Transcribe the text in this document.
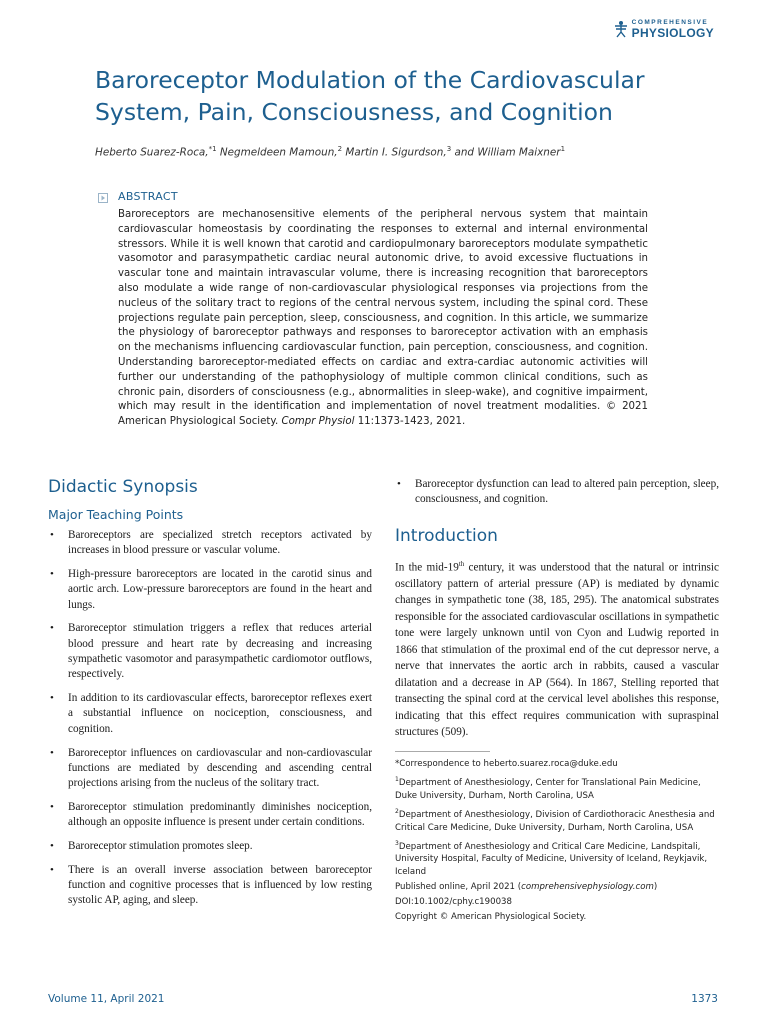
COMPREHENSIVE
PHYSIOLOGY
Baroreceptor Modulation of the Cardiovascular System, Pain, Consciousness, and Cognition
Heberto Suarez-Roca,$^{*1}$ Negmeldeen Mamoun,$^2$ Martin I. Sigurdson,$^3$ and William Maixner$^1$
ABSTRACT

Baroreceptors are mechanosensitive elements of the peripheral nervous system that maintain cardiovascular homeostasis by coordinating the responses to external and internal environmental stressors. While it is well known that carotid and cardiopulmonary baroreceptors modulate sympathetic vasomotor and parasympathetic cardiac neural autonomic drive, to avoid excessive fluctuations in vascular tone and maintain intravascular volume, there is increasing recognition that baroreceptors also modulate a wide range of non-cardiovascular physiological responses via projections from the nucleus of the solitary tract to regions of the central nervous system, including the spinal cord. These projections regulate pain perception, sleep, consciousness, and cognition. In this article, we summarize the physiology of baroreceptor pathways and responses to baroreceptor activation with an emphasis on the mechanisms influencing cardiovascular function, pain perception, consciousness, and cognition. Understanding baroreceptor-mediated effects on cardiac and extra-cardiac autonomic activities will further our understanding of the pathophysiology of multiple common clinical conditions, such as chronic pain, disorders of consciousness (e.g., abnormalities in sleep-wake), and cognitive impairment, which may result in the identification and implementation of novel treatment modalities. © 2021 American Physiological Society. Compr Physiol 11:1373-1423, 2021.

Didactic Synopsis
Major Teaching Points
• Baroreceptors are specialized stretch receptors activated by increases in blood pressure or vascular volume.
• High-pressure baroreceptors are located in the carotid sinus and aortic arch. Low-pressure baroreceptors are found in the heart and lungs.
• Baroreceptor stimulation triggers a reflex that reduces arterial blood pressure and heart rate by decreasing and increasing sympathetic vasomotor and parasympathetic cardiomotor outflows, respectively.
• In addition to its cardiovascular effects, baroreceptor reflexes exert a substantial influence on nociception, consciousness, and cognition.
• Baroreceptor influences on cardiovascular and non-cardiovascular functions are mediated by descending and ascending central projections arising from the nucleus of the solitary tract.
• Baroreceptor stimulation predominantly diminishes nociception, although an opposite influence is present under certain conditions.
• Baroreceptor stimulation promotes sleep.
• There is an overall inverse association between baroreceptor function and cognitive processes that is influenced by low resting systolic AP, aging, and sleep.
• Baroreceptor dysfunction can lead to altered pain perception, sleep, consciousness, and cognition.
Introduction

In the mid-19th century, it was understood that the natural or intrinsic oscillatory pattern of arterial pressure (AP) is mediated by dynamic changes in sympathetic tone (38, 185, 295). The anatomical substrates responsible for the associated cardiovascular oscillations in sympathetic tone were largely unknown until von Cyon and Ludwig reported in 1866 that stimulation of the proximal end of the cut depressor nerve, a nerve that innervates the aortic arch in rabbits, caused a vascular dilatation and a decrease in AP (564). In 1867, Stelling reported that transecting the spinal cord at the cervical level abolishes this response, indicating that this effect requires communication with supraspinal structures (509).

*Correspondence to heberto.suarez.roca@duke.edu

$^1$Department of Anesthesiology, Center for Translational Pain Medicine, Duke University, Durham, North Carolina, USA

$^2$Department of Anesthesiology, Division of Cardiothoracic Anesthesia and Critical Care Medicine, Duke University, Durham, North Carolina, USA

$^3$Department of Anesthesiology and Critical Care Medicine, Landspitali, University Hospital, Faculty of Medicine, University of Iceland, Reykjavik, Iceland

Published online, April 2021 (comprehensivephysiology.com)

DOI:10.1002/cphy.c190038

Copyright © American Physiological Society.

Volume 11, April 2021	1373
